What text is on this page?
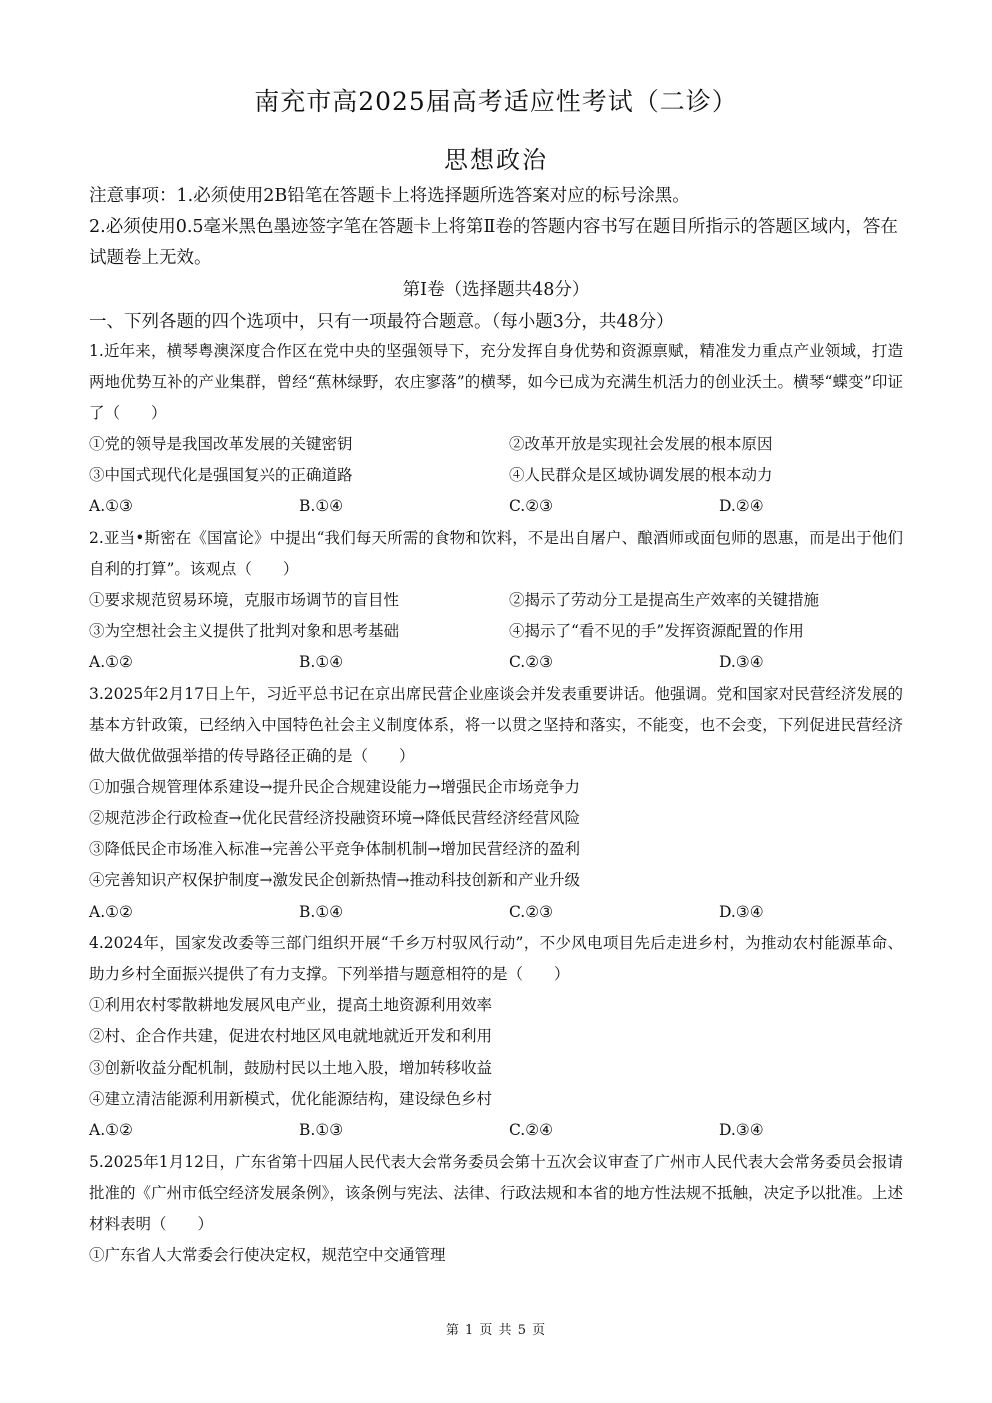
南充市高2025届高考适应性考试（二诊）
思想政治
注意事项：1.必须使用2B铅笔在答题卡上将选择题所选答案对应的标号涂黑。
2.必须使用0.5毫米黑色墨迹签字笔在答题卡上将第Ⅱ卷的答题内容书写在题目所指示的答题区域内，答在试题卷上无效。
第Ⅰ卷（选择题共48分）
一、下列各题的四个选项中，只有一项最符合题意。（每小题3分，共48分）
1.近年来，横琴粤澳深度合作区在党中央的坚强领导下，充分发挥自身优势和资源禀赋，精准发力重点产业领域，打造两地优势互补的产业集群，曾经“蕉林绿野，农庄寥落”的横琴，如今已成为充满生机活力的创业沃土。横琴“蝶变”印证了（　　）
①党的领导是我国改革发展的关键密钥	②改革开放是实现社会发展的根本原因
③中国式现代化是强国复兴的正确道路	④人民群众是区域协调发展的根本动力
A.①③	B.①④	C.②③	D.②④
2.亚当•斯密在《国富论》中提出“我们每天所需的食物和饮料，不是出自屠户、酿酒师或面包师的恩惠，而是出于他们自利的打算”。该观点（　　）
①要求规范贸易环境，克服市场调节的盲目性	②揭示了劳动分工是提高生产效率的关键措施
③为空想社会主义提供了批判对象和思考基础	④揭示了“看不见的手”发挥资源配置的作用
A.①②	B.①④	C.②③	D.③④
3.2025年2月17日上午，习近平总书记在京出席民营企业座谈会并发表重要讲话。他强调。党和国家对民营经济发展的基本方针政策，已经纳入中国特色社会主义制度体系，将一以贯之坚持和落实，不能变，也不会变，下列促进民营经济做大做优做强举措的传导路径正确的是（　　）
①加强合规管理体系建设→提升民企合规建设能力→增强民企市场竞争力
②规范涉企行政检查→优化民营经济投融资环境→降低民营经济经营风险
③降低民企市场准入标准→完善公平竞争体制机制→增加民营经济的盈利
④完善知识产权保护制度→激发民企创新热情→推动科技创新和产业升级
A.①②	B.①④	C.②③	D.③④
4.2024年，国家发改委等三部门组织开展“千乡万村驭风行动”，不少风电项目先后走进乡村，为推动农村能源革命、助力乡村全面振兴提供了有力支撑。下列举措与题意相符的是（　　）
①利用农村零散耕地发展风电产业，提高土地资源利用效率
②村、企合作共建，促进农村地区风电就地就近开发和利用
③创新收益分配机制，鼓励村民以土地入股，增加转移收益
④建立清洁能源利用新模式，优化能源结构，建设绿色乡村
A.①②	B.①③	C.②④	D.③④
5.2025年1月12日，广东省第十四届人民代表大会常务委员会第十五次会议审查了广州市人民代表大会常务委员会报请批准的《广州市低空经济发展条例》，该条例与宪法、法律、行政法规和本省的地方性法规不抵触，决定予以批准。上述材料表明（　　）
①广东省人大常委会行使决定权，规范空中交通管理
第 1 页 共 5 页
